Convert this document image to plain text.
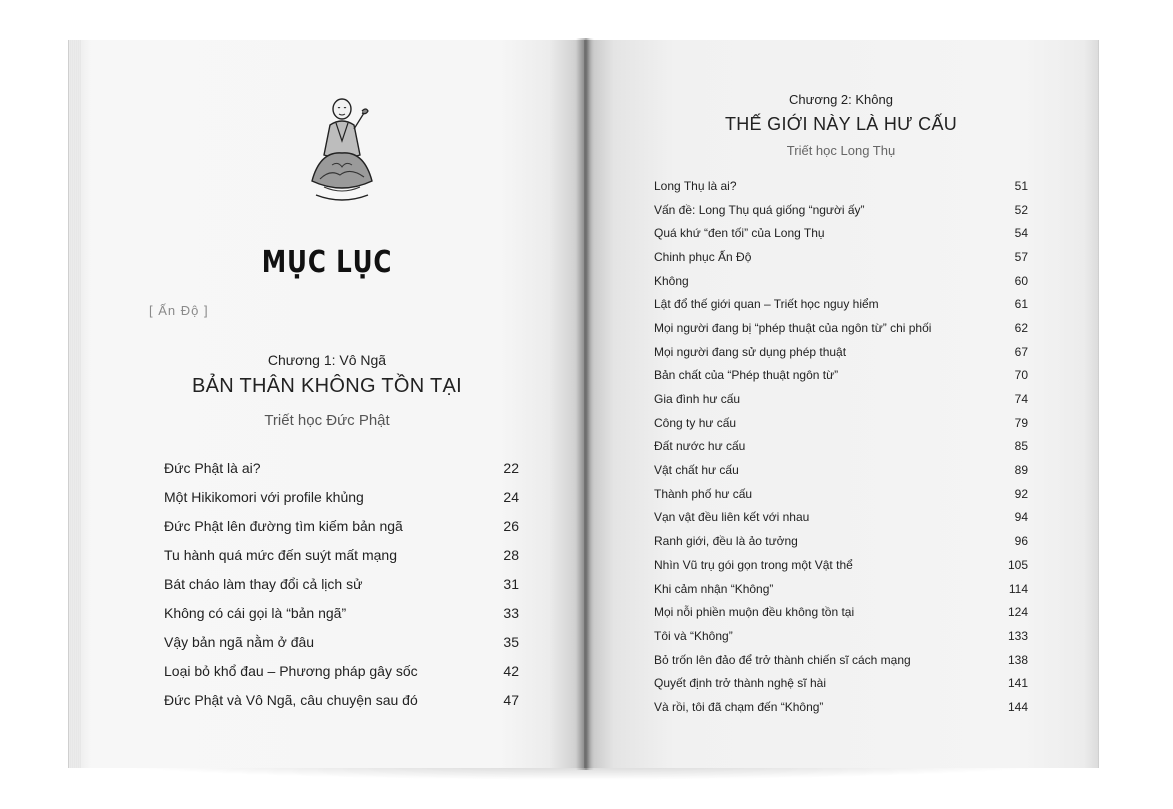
MỤC LỤC
[ Ấn Độ ]
Chương 1: Vô Ngã
BẢN THÂN KHÔNG TỒN TẠI
Triết học Đức Phật
Đức Phật là ai?	22
Một Hikikomori với profile khủng	24
Đức Phật lên đường tìm kiếm bản ngã	26
Tu hành quá mức đến suýt mất mạng	28
Bát cháo làm thay đổi cả lịch sử	31
Không có cái gọi là “bản ngã”	33
Vậy bản ngã nằm ở đâu	35
Loại bỏ khổ đau – Phương pháp gây sốc	42
Đức Phật và Vô Ngã, câu chuyện sau đó	47
Chương 2: Không
THẾ GIỚI NÀY LÀ HƯ CẤU
Triết học Long Thụ
Long Thụ là ai?	51
Vấn đề: Long Thụ quá giống “người ấy”	52
Quá khứ “đen tối” của Long Thụ	54
Chinh phục Ấn Độ	57
Không	60
Lật đổ thế giới quan – Triết học nguy hiểm	61
Mọi người đang bị “phép thuật của ngôn từ” chi phối	62
Mọi người đang sử dụng phép thuật	67
Bản chất của “Phép thuật ngôn từ”	70
Gia đình hư cấu	74
Công ty hư cấu	79
Đất nước hư cấu	85
Vật chất hư cấu	89
Thành phố hư cấu	92
Vạn vật đều liên kết với nhau	94
Ranh giới, đều là ảo tưởng	96
Nhìn Vũ trụ gói gọn trong một Vật thể	105
Khi cảm nhận “Không”	114
Mọi nỗi phiền muộn đều không tồn tại	124
Tôi và “Không”	133
Bỏ trốn lên đảo để trở thành chiến sĩ cách mạng	138
Quyết định trở thành nghệ sĩ hài	141
Và rồi, tôi đã chạm đến “Không”	144
